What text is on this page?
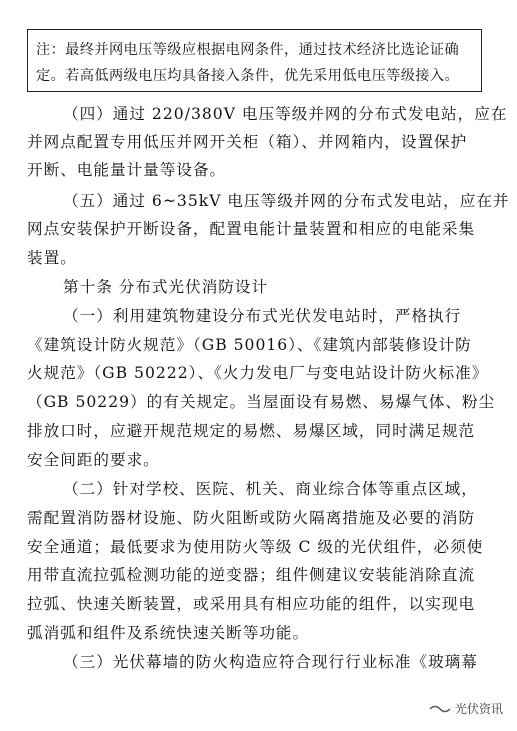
注：最终并网电压等级应根据电网条件，通过技术经济比选论证确
定。若高低两级电压均具备接入条件，优先采用低电压等级接入。
（四）通过 220/380V 电压等级并网的分布式发电站，应在
并网点配置专用低压并网开关柜（箱）、并网箱内，设置保护
开断、电能量计量等设备。
（五）通过 6~35kV 电压等级并网的分布式发电站，应在并
网点安装保护开断设备，配置电能计量装置和相应的电能采集
装置。
第十条 分布式光伏消防设计
（一）利用建筑物建设分布式光伏发电站时，严格执行
《建筑设计防火规范》（GB 50016）、《建筑内部装修设计防
火规范》（GB 50222）、《火力发电厂与变电站设计防火标准》
（GB 50229）的有关规定。当屋面设有易燃、易爆气体、粉尘
排放口时，应避开规范规定的易燃、易爆区域，同时满足规范
安全间距的要求。
（二）针对学校、医院、机关、商业综合体等重点区域，
需配置消防器材设施、防火阻断或防火隔离措施及必要的消防
安全通道；最低要求为使用防火等级 C 级的光伏组件，必须使
用带直流拉弧检测功能的逆变器；组件侧建议安装能消除直流
拉弧、快速关断装置，或采用具有相应功能的组件，以实现电
弧消弧和组件及系统快速关断等功能。
（三）光伏幕墙的防火构造应符合现行行业标准《玻璃幕
光伏资讯
